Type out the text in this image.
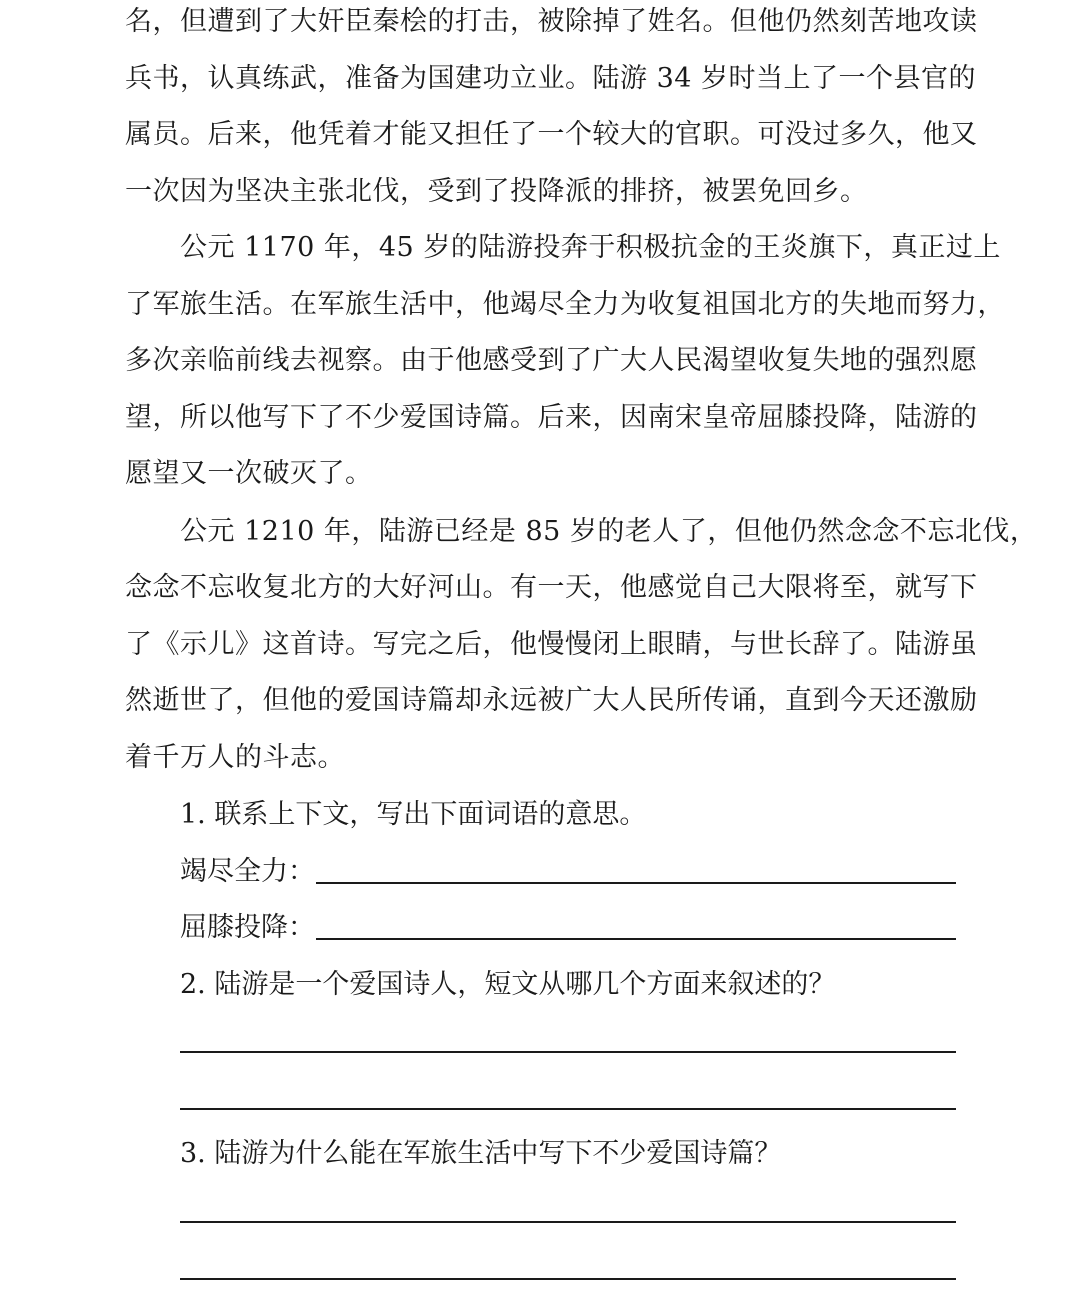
名，但遭到了大奸臣秦桧的打击，被除掉了姓名。但他仍然刻苦地攻读
兵书，认真练武，准备为国建功立业。陆游 34 岁时当上了一个县官的
属员。后来，他凭着才能又担任了一个较大的官职。可没过多久，他又
一次因为坚决主张北伐，受到了投降派的排挤，被罢免回乡。
公元 1170 年，45 岁的陆游投奔于积极抗金的王炎旗下，真正过上
了军旅生活。在军旅生活中，他竭尽全力为收复祖国北方的失地而努力，
多次亲临前线去视察。由于他感受到了广大人民渴望收复失地的强烈愿
望，所以他写下了不少爱国诗篇。后来，因南宋皇帝屈膝投降，陆游的
愿望又一次破灭了。
公元 1210 年，陆游已经是 85 岁的老人了，但他仍然念念不忘北伐，
念念不忘收复北方的大好河山。有一天，他感觉自己大限将至，就写下
了《示儿》这首诗。写完之后，他慢慢闭上眼睛，与世长辞了。陆游虽
然逝世了，但他的爱国诗篇却永远被广大人民所传诵，直到今天还激励
着千万人的斗志。
1. 联系上下文，写出下面词语的意思。
竭尽全力：
屈膝投降：
2. 陆游是一个爱国诗人，短文从哪几个方面来叙述的？
3. 陆游为什么能在军旅生活中写下不少爱国诗篇？
